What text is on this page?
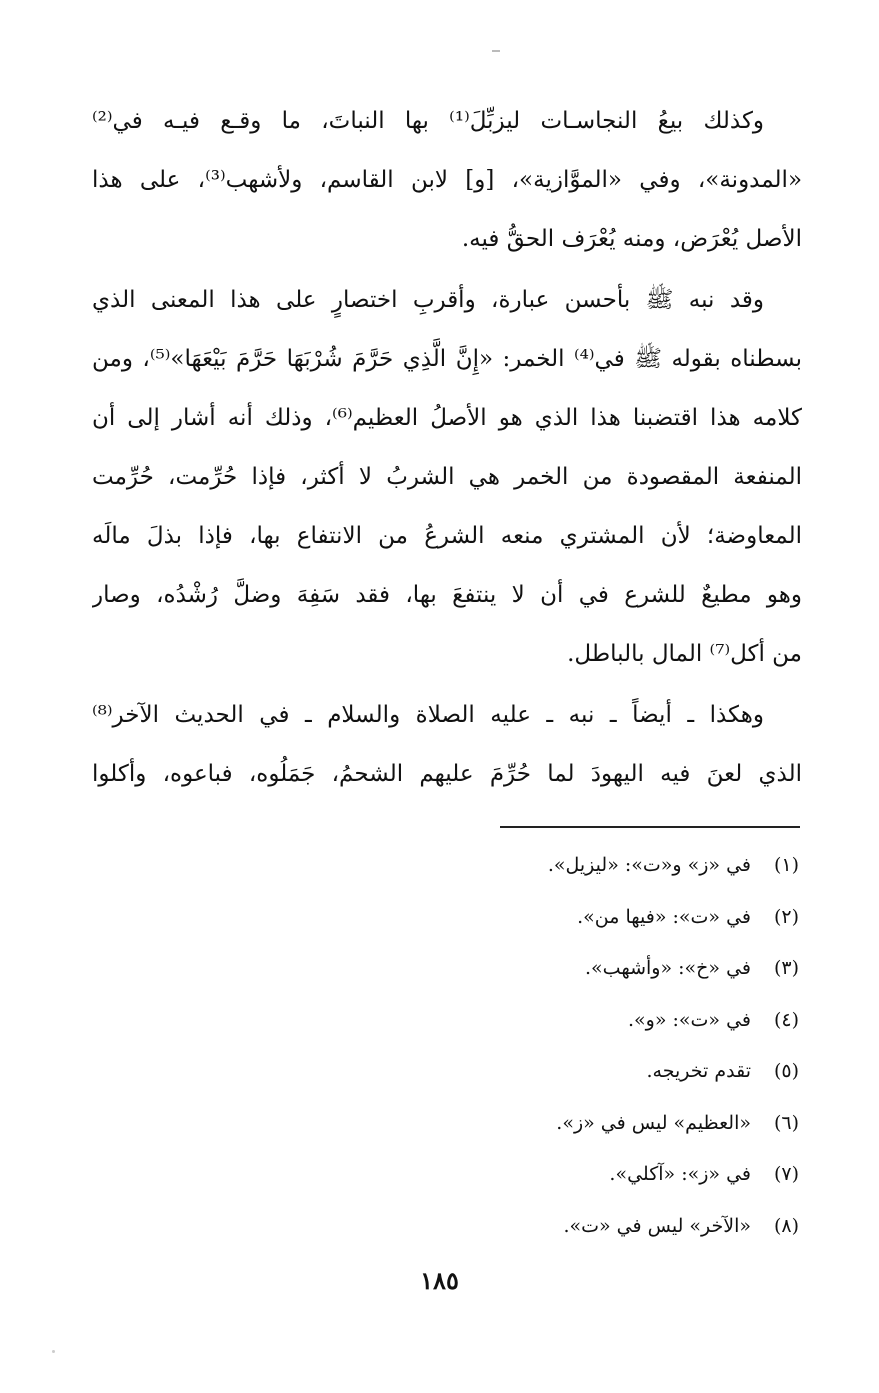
وكذلك بيعُ النجاسـات ليزبِّلَ⁽¹⁾ بها النباتَ، ما وقـع فيـه في⁽²⁾
«المدونة»، وفي «الموَّازية»، [و] لابن القاسم، ولأشهب⁽³⁾، على هذا
الأصل يُعْرَض، ومنه يُعْرَف الحقُّ فيه.
وقد نبه ﷺ بأحسن عبارة، وأقربِ اختصارٍ على هذا المعنى الذي
بسطناه بقوله ﷺ في⁽⁴⁾ الخمر: «إِنَّ الَّذِي حَرَّمَ شُرْبَهَا حَرَّمَ بَيْعَهَا»⁽⁵⁾، ومن
كلامه هذا اقتضبنا هذا الذي هو الأصلُ العظيم⁽⁶⁾، وذلك أنه أشار إلى أن
المنفعة المقصودة من الخمر هي الشربُ لا أكثر، فإذا حُرِّمت، حُرِّمت
المعاوضة؛ لأن المشتري منعه الشرعُ من الانتفاع بها، فإذا بذلَ مالَه
وهو مطيعٌ للشرع في أن لا ينتفعَ بها، فقد سَفِهَ وضلَّ رُشْدُه، وصار
من أكل⁽⁷⁾ المال بالباطل.
وهكذا ـ أيضاً ـ نبه ـ عليه الصلاة والسلام ـ في الحديث الآخر⁽⁸⁾
الذي لعنَ فيه اليهودَ لما حُرِّمَ عليهم الشحمُ، جَمَلُوه، فباعوه، وأكلوا
(١)في «ز» و«ت»: «ليزيل».
(٢)في «ت»: «فيها من».
(٣)في «خ»: «وأشهب».
(٤)في «ت»: «و».
(٥)تقدم تخريجه.
(٦)«العظيم» ليس في «ز».
(٧)في «ز»: «آكلي».
(٨)«الآخر» ليس في «ت».
١٨٥
